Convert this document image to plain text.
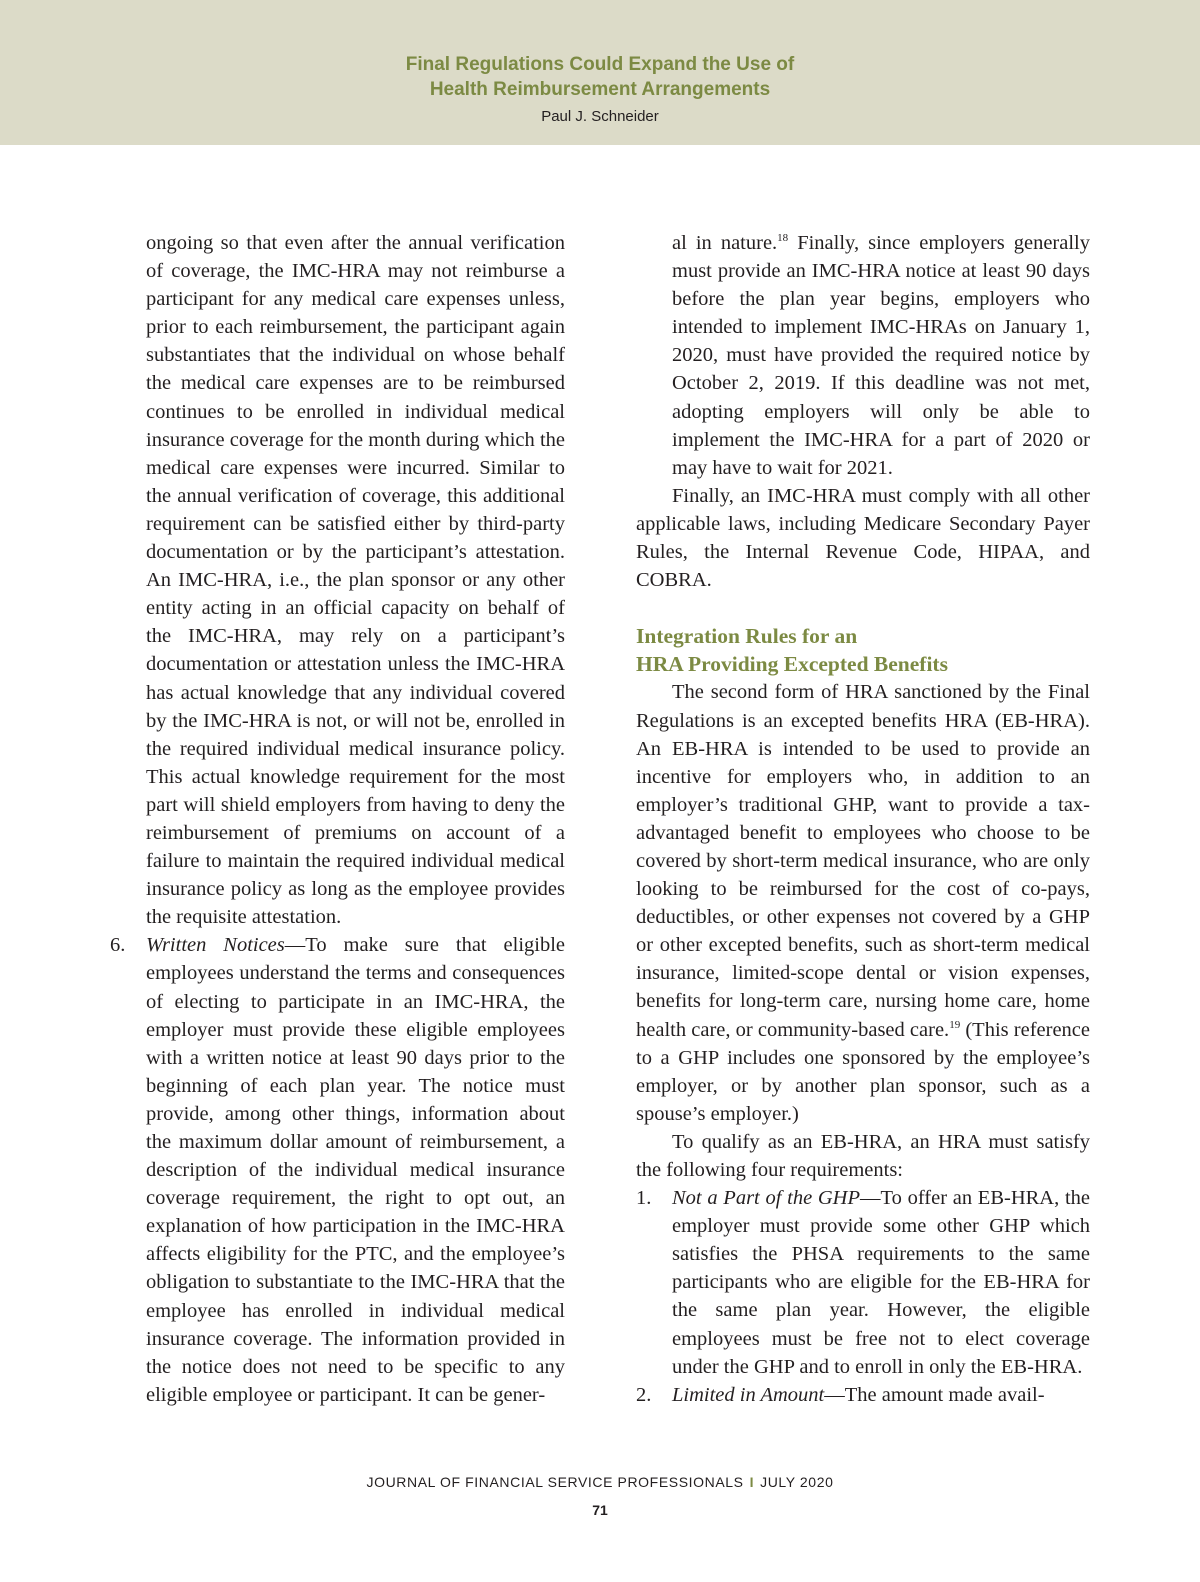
Final Regulations Could Expand the Use of
Health Reimbursement Arrangements
Paul J. Schneider

ongoing so that even after the annual verification of coverage, the IMC-HRA may not reimburse a participant for any medical care expenses unless, prior to each reimbursement, the participant again substantiates that the individual on whose behalf the medical care expenses are to be reimbursed continues to be enrolled in individual medical insurance coverage for the month during which the medical care expenses were incurred. Similar to the annual verification of coverage, this additional requirement can be satisfied either by third-party documentation or by the participant’s attestation. An IMC-HRA, i.e., the plan sponsor or any other entity acting in an official capacity on behalf of the IMC-HRA, may rely on a participant’s documentation or attestation unless the IMC-HRA has actual knowledge that any individual covered by the IMC-HRA is not, or will not be, enrolled in the required individual medical insurance policy. This actual knowledge requirement for the most part will shield employers from having to deny the reimbursement of premiums on account of a failure to maintain the required individual medical insurance policy as long as the employee provides the requisite attestation.

6. Written Notices—To make sure that eligible employees understand the terms and consequences of electing to participate in an IMC-HRA, the employer must provide these eligible employees with a written notice at least 90 days prior to the beginning of each plan year. The notice must provide, among other things, information about the maximum dollar amount of reimbursement, a description of the individual medical insurance coverage requirement, the right to opt out, an explanation of how participation in the IMC-HRA affects eligibility for the PTC, and the employee’s obligation to substantiate to the IMC-HRA that the employee has enrolled in individual medical insurance coverage. The information provided in the notice does not need to be specific to any eligible employee or participant. It can be gener-

al in nature.$^{18}$ Finally, since employers generally must provide an IMC-HRA notice at least 90 days before the plan year begins, employers who intended to implement IMC-HRAs on January 1, 2020, must have provided the required notice by October 2, 2019. If this deadline was not met, adopting employers will only be able to implement the IMC-HRA for a part of 2020 or may have to wait for 2021.

Finally, an IMC-HRA must comply with all other applicable laws, including Medicare Secondary Payer Rules, the Internal Revenue Code, HIPAA, and COBRA.

Integration Rules for an
HRA Providing Excepted Benefits

The second form of HRA sanctioned by the Final Regulations is an excepted benefits HRA (EB-HRA). An EB-HRA is intended to be used to provide an incentive for employers who, in addition to an employer’s traditional GHP, want to provide a tax-advantaged benefit to employees who choose to be covered by short-term medical insurance, who are only looking to be reimbursed for the cost of co-pays, deductibles, or other expenses not covered by a GHP or other excepted benefits, such as short-term medical insurance, limited-scope dental or vision expenses, benefits for long-term care, nursing home care, home health care, or community-based care.$^{19}$ (This reference to a GHP includes one sponsored by the employee’s employer, or by another plan sponsor, such as a spouse’s employer.)

To qualify as an EB-HRA, an HRA must satisfy the following four requirements:

1. Not a Part of the GHP—To offer an EB-HRA, the employer must provide some other GHP which satisfies the PHSA requirements to the same participants who are eligible for the EB-HRA for the same plan year. However, the eligible employees must be free not to elect coverage under the GHP and to enroll in only the EB-HRA.

2. Limited in Amount—The amount made avail-

JOURNAL OF FINANCIAL SERVICE PROFESSIONALS I JULY 2020
71
